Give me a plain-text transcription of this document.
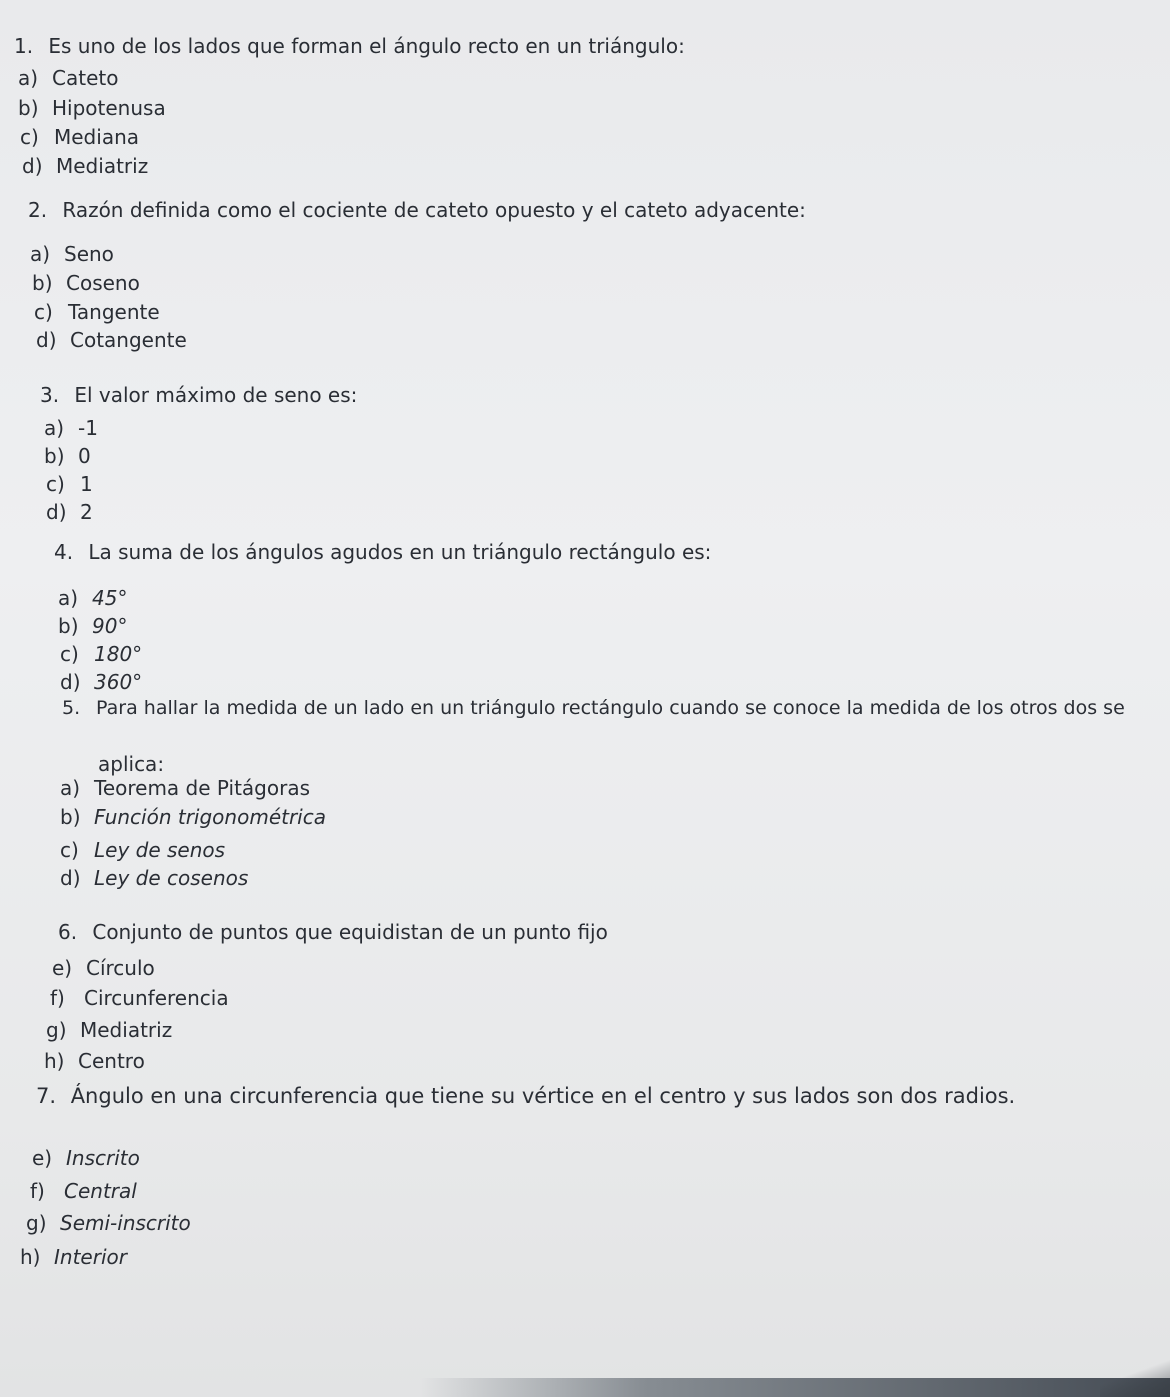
1. Es uno de los lados que forman el ángulo recto en un triángulo:
a) Cateto
b) Hipotenusa
c) Mediana
d) Mediatriz
2. Razón definida como el cociente de cateto opuesto y el cateto adyacente:
a) Seno
b) Coseno
c) Tangente
d) Cotangente
3. El valor máximo de seno es:
a) -1
b) 0
c) 1
d) 2
4. La suma de los ángulos agudos en un triángulo rectángulo es:
a) 45°
b) 90°
c) 180°
d) 360°
5. Para hallar la medida de un lado en un triángulo rectángulo cuando se conoce la medida de los otros dos se
aplica:
a) Teorema de Pitágoras
b) Función trigonométrica
c) Ley de senos
d) Ley de cosenos
6. Conjunto de puntos que equidistan de un punto fijo
e) Círculo
f) Circunferencia
g) Mediatriz
h) Centro
7. Ángulo en una circunferencia que tiene su vértice en el centro y sus lados son dos radios.
e) Inscrito
f) Central
g) Semi-inscrito
h) Interior
